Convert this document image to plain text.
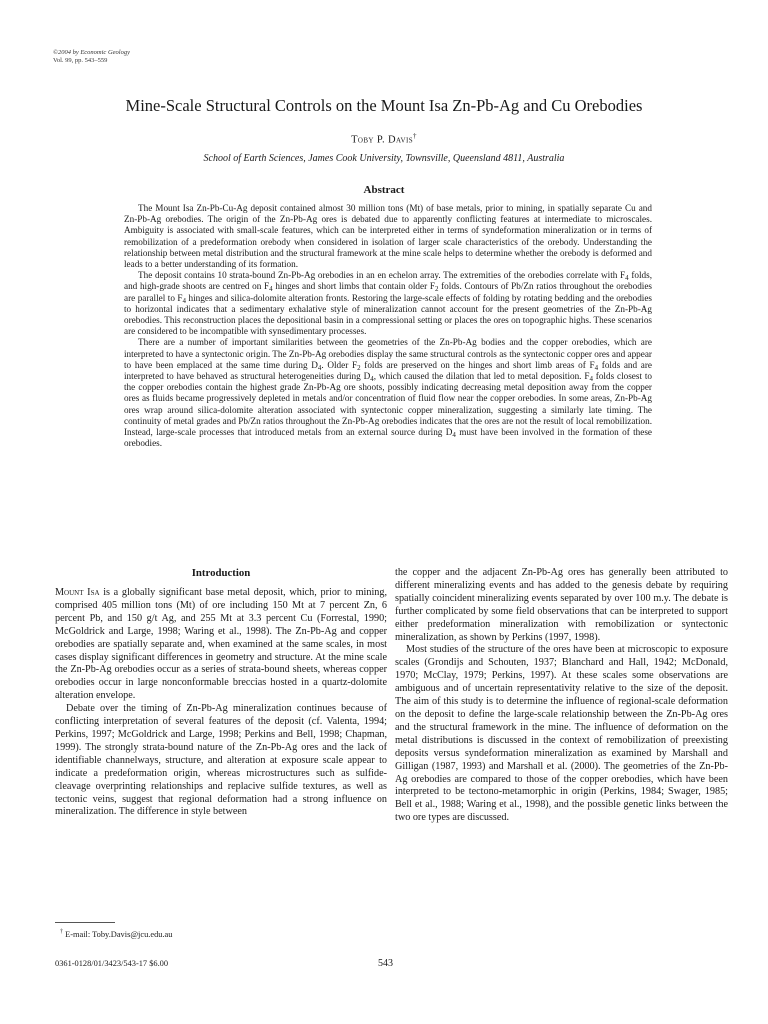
©2004 by Economic Geology
Vol. 99, pp. 543–559
Mine-Scale Structural Controls on the Mount Isa Zn-Pb-Ag and Cu Orebodies
Toby P. Davis†
School of Earth Sciences, James Cook University, Townsville, Queensland 4811, Australia
Abstract

The Mount Isa Zn-Pb-Cu-Ag deposit contained almost 30 million tons (Mt) of base metals, prior to mining, in spatially separate Cu and Zn-Pb-Ag orebodies. The origin of the Zn-Pb-Ag ores is debated due to apparently conflicting features at intermediate to microscales. Ambiguity is associated with small-scale features, which can be interpreted either in terms of syndeformation mineralization or in terms of remobilization of a predeformation orebody when considered in isolation of larger scale characteristics of the orebody. Understanding the relationship between metal distribution and the structural framework at the mine scale helps to determine whether the orebody is deformed and leads to a better understanding of its formation.

The deposit contains 10 strata-bound Zn-Pb-Ag orebodies in an en echelon array. The extremities of the orebodies correlate with $F_4$ folds, and high-grade shoots are centred on $F_4$ hinges and short limbs that contain older $F_2$ folds. Contours of Pb/Zn ratios throughout the orebodies are parallel to $F_4$ hinges and silica-dolomite alteration fronts. Restoring the large-scale effects of folding by rotating bedding and the orebodies to horizontal indicates that a sedimentary exhalative style of mineralization cannot account for the present geometries of the Zn-Pb-Ag orebodies. This reconstruction places the depositional basin in a compressional setting or places the ores on topographic highs. These scenarios are considered to be incompatible with synsedimentary processes.

There are a number of important similarities between the geometries of the Zn-Pb-Ag bodies and the copper orebodies, which are interpreted to have a syntectonic origin. The Zn-Pb-Ag orebodies display the same structural controls as the syntectonic copper ores and appear to have been emplaced at the same time during $D_4$. Older $F_2$ folds are preserved on the hinges and short limb areas of $F_4$ folds and are interpreted to have behaved as structural heterogeneities during $D_4$, which caused the dilation that led to metal deposition. $F_4$ folds closest to the copper orebodies contain the highest grade Zn-Pb-Ag ore shoots, possibly indicating decreasing metal deposition away from the copper ores as fluids became progressively depleted in metals and/or concentration of fluid flow near the copper orebodies. In some areas, Zn-Pb-Ag ores wrap around silica-dolomite alteration associated with syntectonic copper mineralization, suggesting a similarly late timing. The continuity of metal grades and Pb/Zn ratios throughout the Zn-Pb-Ag orebodies indicates that the ores are not the result of local remobilization. Instead, large-scale processes that introduced metals from an external source during $D_4$ must have been involved in the formation of these orebodies.

Introduction

Mount Isa is a globally significant base metal deposit, which, prior to mining, comprised 405 million tons (Mt) of ore including 150 Mt at 7 percent Zn, 6 percent Pb, and 150 g/t Ag, and 255 Mt at 3.3 percent Cu (Forrestal, 1990; McGoldrick and Large, 1998; Waring et al., 1998). The Zn-Pb-Ag and copper orebodies are spatially separate and, when examined at the same scales, in most cases display significant differences in geometry and structure. At the mine scale the Zn-Pb-Ag orebodies occur as a series of strata-bound sheets, whereas copper orebodies occur in large nonconformable breccias hosted in a quartz-dolomite alteration envelope.

Debate over the timing of Zn-Pb-Ag mineralization continues because of conflicting interpretation of several features of the deposit (cf. Valenta, 1994; Perkins, 1997; McGoldrick and Large, 1998; Perkins and Bell, 1998; Chapman, 1999). The strongly strata-bound nature of the Zn-Pb-Ag ores and the lack of identifiable channelways, structure, and alteration at exposure scale appear to indicate a predeformation origin, whereas microstructures such as sulfide-cleavage overprinting relationships and replacive sulfide textures, as well as tectonic veins, suggest that regional deformation had a strong influence on mineralization. The difference in style between

the copper and the adjacent Zn-Pb-Ag ores has generally been attributed to different mineralizing events and has added to the genesis debate by requiring spatially coincident mineralizing events separated by over 100 m.y. The debate is further complicated by some field observations that can be interpreted to support either predeformation mineralization with remobilization or syntectonic mineralization, as shown by Perkins (1997, 1998).

Most studies of the structure of the ores have been at microscopic to exposure scales (Grondijs and Schouten, 1937; Blanchard and Hall, 1942; McDonald, 1970; McClay, 1979; Perkins, 1997). At these scales some observations are ambiguous and of uncertain representativity relative to the size of the deposit. The aim of this study is to determine the influence of regional-scale deformation on the deposit to define the large-scale relationship between the Zn-Pb-Ag ores and the structural framework in the mine. The influence of deformation on the metal distributions is discussed in the context of remobilization of preexisting deposits versus syndeformation mineralization as examined by Marshall and Gilligan (1987, 1993) and Marshall et al. (2000). The geometries of the Zn-Pb-Ag orebodies are compared to those of the copper orebodies, which have been interpreted to be tectono-metamorphic in origin (Perkins, 1984; Swager, 1985; Bell et al., 1988; Waring et al., 1998), and the possible genetic links between the two ore types are discussed.

† E-mail: Toby.Davis@jcu.edu.au
0361-0128/01/3423/543-17 $6.00	543
